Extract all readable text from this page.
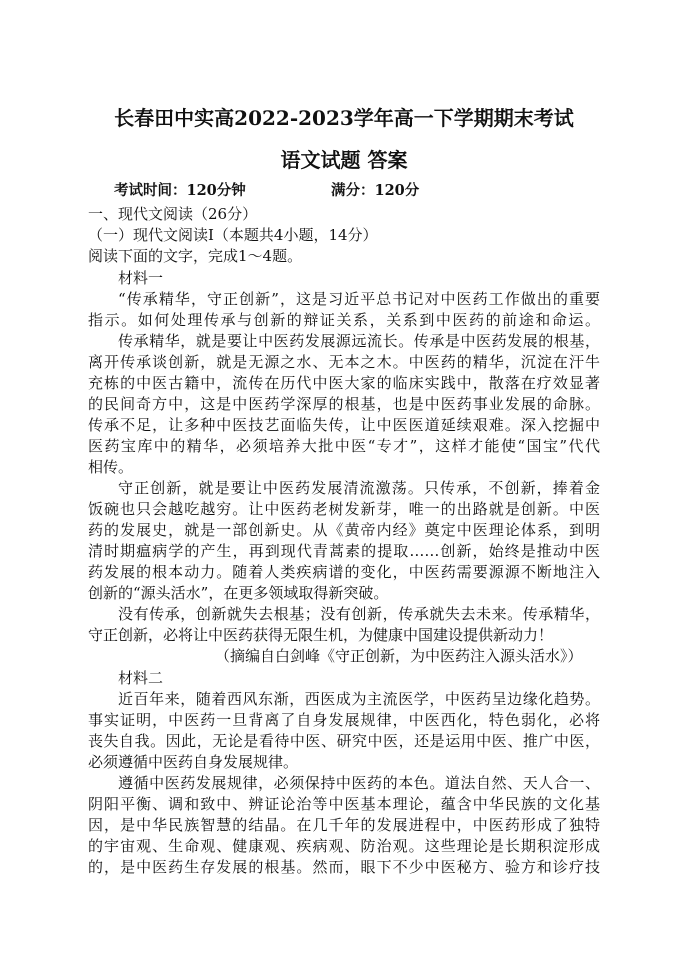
长春田中实高2022-2023学年高一下学期期末考试
语文试题 答案
考试时间：120分钟	满分：120分
一、现代文阅读（26分）
（一）现代文阅读Ⅰ（本题共4小题，14分）
阅读下面的文字，完成1～4题。
材料一
“传承精华，守正创新”，这是习近平总书记对中医药工作做出的重要
指示。如何处理传承与创新的辩证关系，关系到中医药的前途和命运。
传承精华，就是要让中医药发展源远流长。传承是中医药发展的根基，
离开传承谈创新，就是无源之水、无本之木。中医药的精华，沉淀在汗牛
充栋的中医古籍中，流传在历代中医大家的临床实践中，散落在疗效显著
的民间奇方中，这是中医药学深厚的根基，也是中医药事业发展的命脉。
传承不足，让多种中医技艺面临失传，让中医医道延续艰难。深入挖掘中
医药宝库中的精华，必须培养大批中医“专才”，这样才能使“国宝”代代
相传。
守正创新，就是要让中医药发展清流激荡。只传承，不创新，捧着金
饭碗也只会越吃越穷。让中医药老树发新芽，唯一的出路就是创新。中医
药的发展史，就是一部创新史。从《黄帝内经》奠定中医理论体系，到明
清时期瘟病学的产生，再到现代青蒿素的提取……创新，始终是推动中医
药发展的根本动力。随着人类疾病谱的变化，中医药需要源源不断地注入
创新的“源头活水”，在更多领域取得新突破。
没有传承，创新就失去根基；没有创新，传承就失去未来。传承精华，
守正创新，必将让中医药获得无限生机，为健康中国建设提供新动力！
（摘编自白剑峰《守正创新，为中医药注入源头活水》）
材料二
近百年来，随着西风东渐，西医成为主流医学，中医药呈边缘化趋势。
事实证明，中医药一旦背离了自身发展规律，中医西化，特色弱化，必将
丧失自我。因此，无论是看待中医、研究中医，还是运用中医、推广中医，
必须遵循中医药自身发展规律。
遵循中医药发展规律，必须保持中医药的本色。道法自然、天人合一、
阴阳平衡、调和致中、辨证论治等中医基本理论，蕴含中华民族的文化基
因，是中华民族智慧的结晶。在几千年的发展进程中，中医药形成了独特
的宇宙观、生命观、健康观、疾病观、防治观。这些理论是长期积淀形成
的，是中医药生存发展的根基。然而，眼下不少中医秘方、验方和诊疗技
